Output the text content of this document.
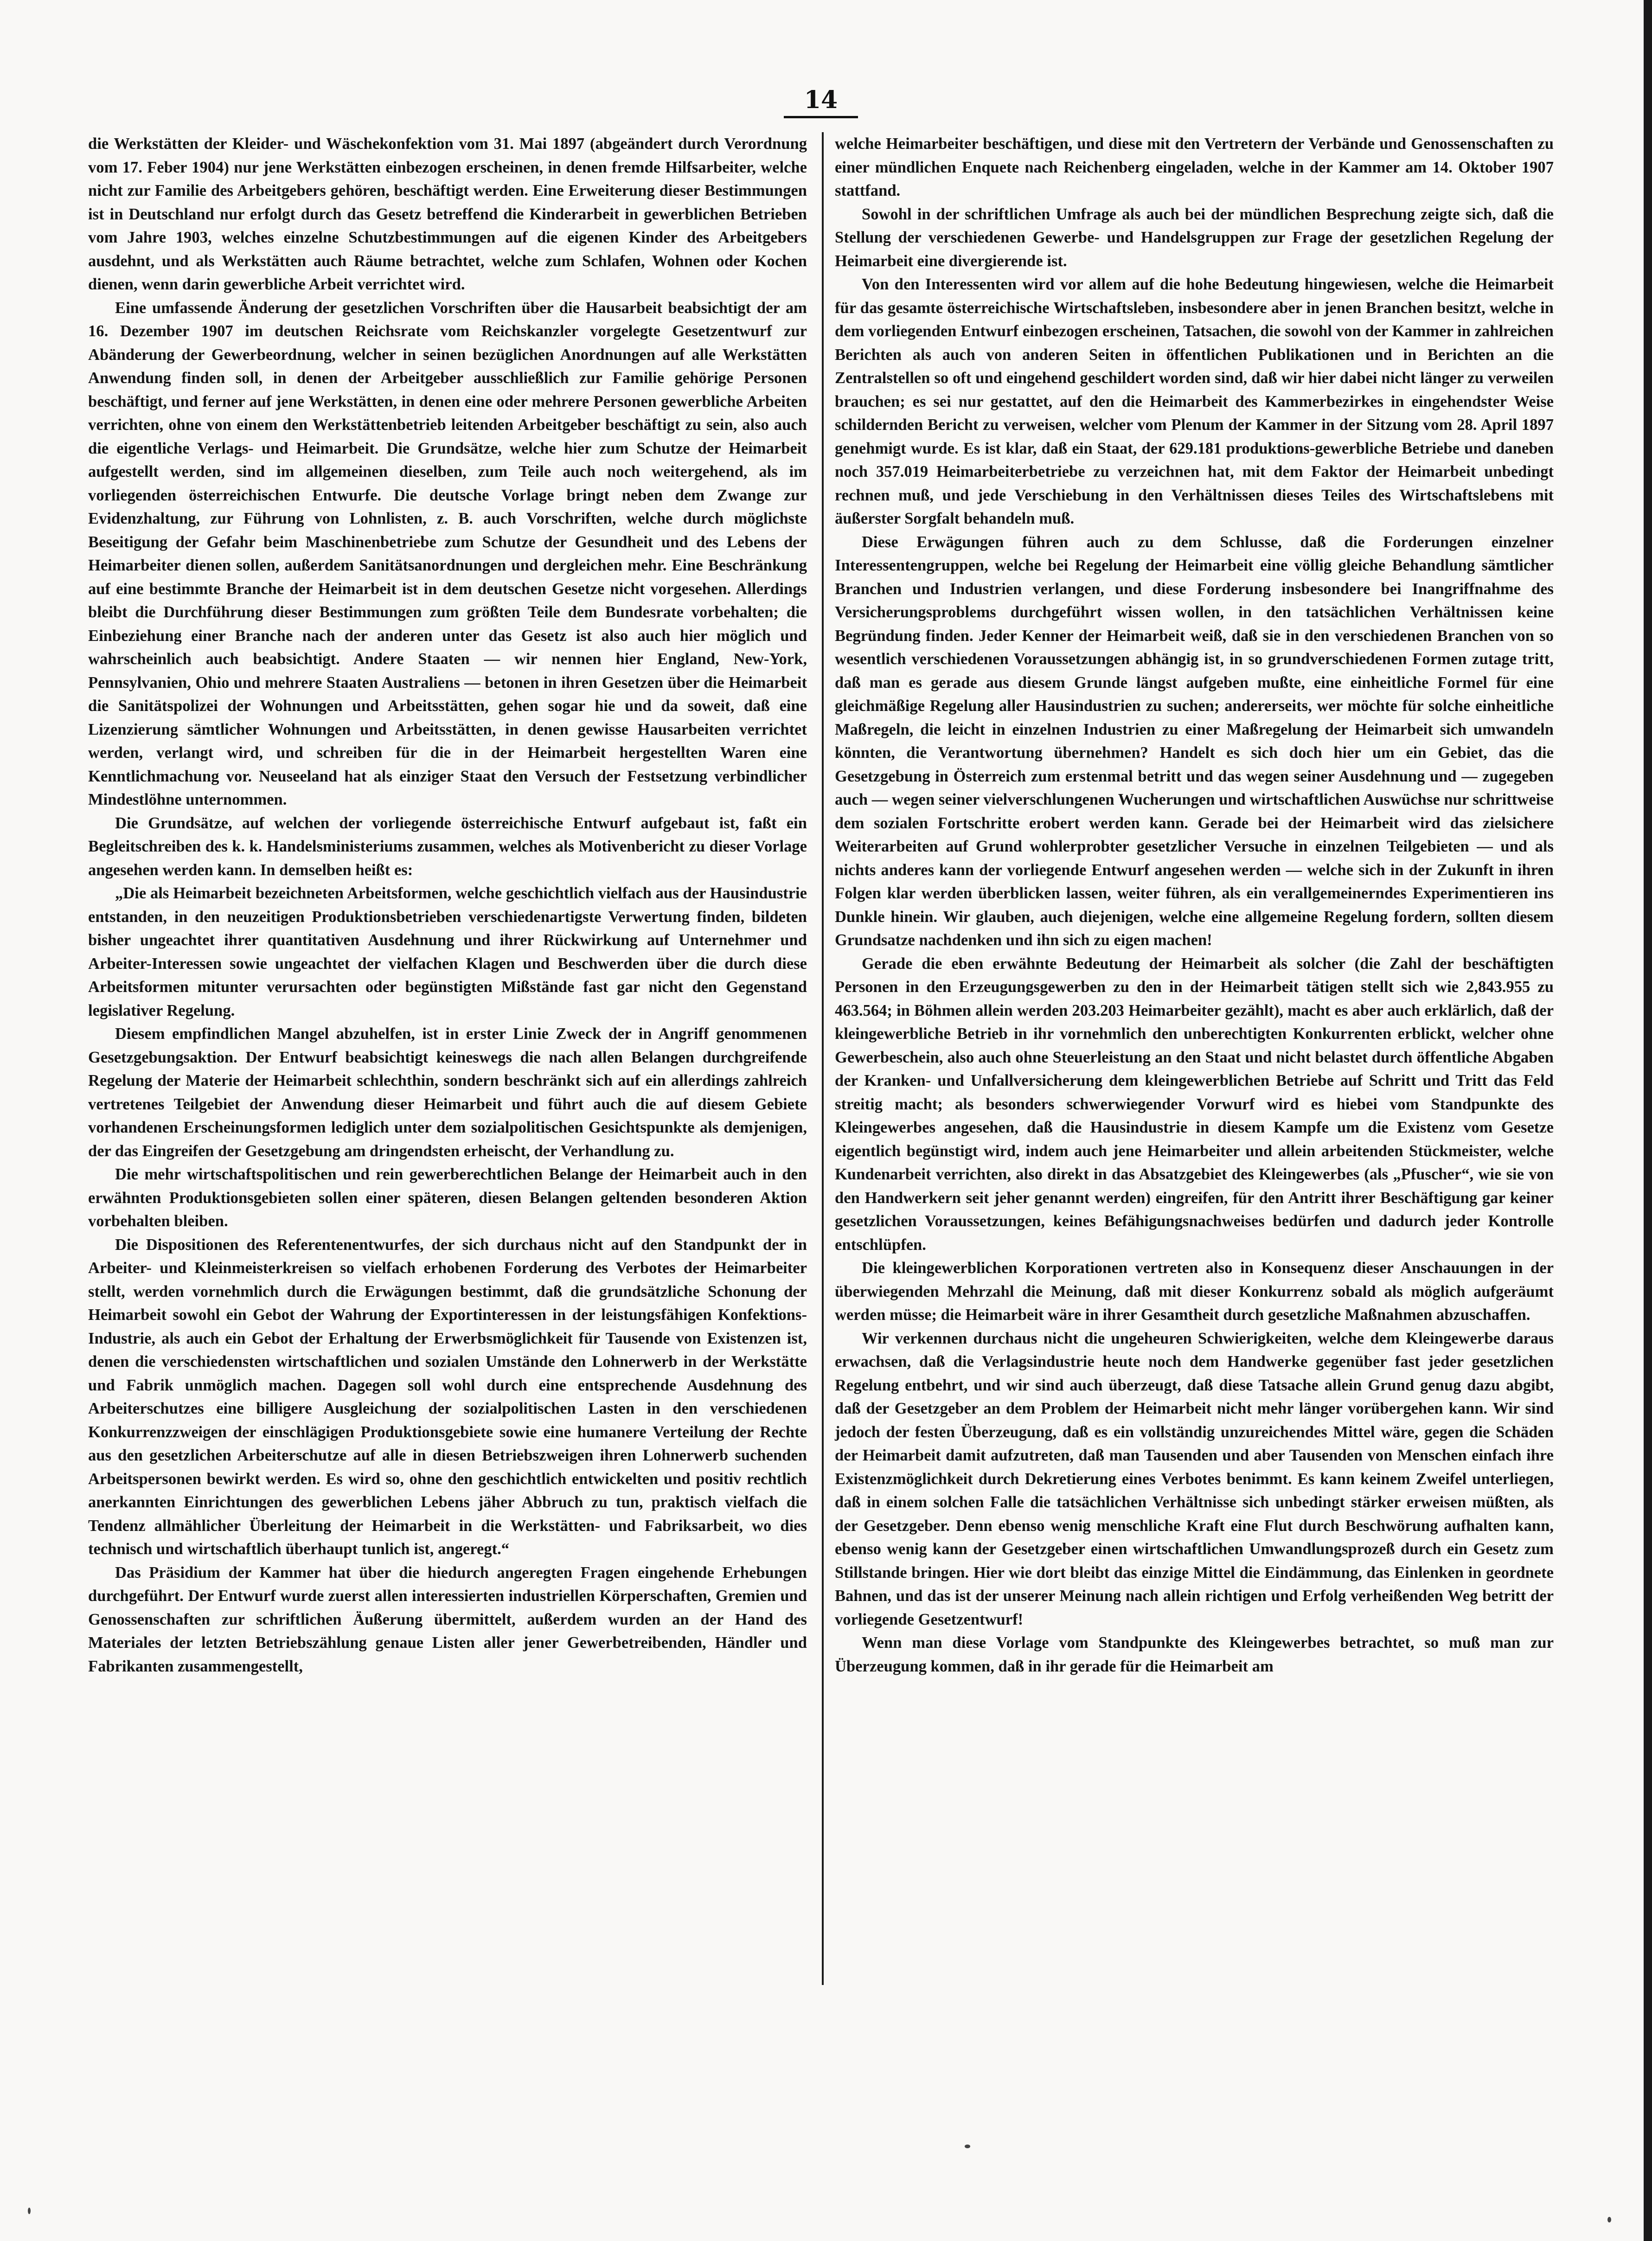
14

die Werkstätten der Kleider- und Wäschekonfektion vom 31. Mai 1897 (abgeändert durch Verordnung vom 17. Feber 1904) nur jene Werkstätten einbezogen erscheinen, in denen fremde Hilfsarbeiter, welche nicht zur Familie des Arbeitgebers gehören, beschäftigt werden. Eine Erweiterung dieser Bestimmungen ist in Deutschland nur erfolgt durch das Gesetz betreffend die Kinderarbeit in gewerblichen Betrieben vom Jahre 1903, welches einzelne Schutzbestimmungen auf die eigenen Kinder des Arbeitgebers ausdehnt, und als Werkstätten auch Räume betrachtet, welche zum Schlafen, Wohnen oder Kochen dienen, wenn darin gewerbliche Arbeit verrichtet wird.

Eine umfassende Änderung der gesetzlichen Vorschriften über die Hausarbeit beabsichtigt der am 16. Dezember 1907 im deutschen Reichsrate vom Reichskanzler vorgelegte Gesetzentwurf zur Abänderung der Gewerbeordnung, welcher in seinen bezüglichen Anordnungen auf alle Werkstätten Anwendung finden soll, in denen der Arbeitgeber ausschließlich zur Familie gehörige Personen beschäftigt, und ferner auf jene Werkstätten, in denen eine oder mehrere Personen gewerbliche Arbeiten verrichten, ohne von einem den Werkstättenbetrieb leitenden Arbeitgeber beschäftigt zu sein, also auch die eigentliche Verlags- und Heimarbeit. Die Grundsätze, welche hier zum Schutze der Heimarbeit aufgestellt werden, sind im allgemeinen dieselben, zum Teile auch noch weitergehend, als im vorliegenden österreichischen Entwurfe. Die deutsche Vorlage bringt neben dem Zwange zur Evidenzhaltung, zur Führung von Lohnlisten, z. B. auch Vorschriften, welche durch möglichste Beseitigung der Gefahr beim Maschinenbetriebe zum Schutze der Gesundheit und des Lebens der Heimarbeiter dienen sollen, außerdem Sanitätsanordnungen und dergleichen mehr. Eine Beschränkung auf eine bestimmte Branche der Heimarbeit ist in dem deutschen Gesetze nicht vorgesehen. Allerdings bleibt die Durchführung dieser Bestimmungen zum größten Teile dem Bundesrate vorbehalten; die Einbeziehung einer Branche nach der anderen unter das Gesetz ist also auch hier möglich und wahrscheinlich auch beabsichtigt. Andere Staaten — wir nennen hier England, New-York, Pennsylvanien, Ohio und mehrere Staaten Australiens — betonen in ihren Gesetzen über die Heimarbeit die Sanitätspolizei der Wohnungen und Arbeitsstätten, gehen sogar hie und da soweit, daß eine Lizenzierung sämtlicher Wohnungen und Arbeitsstätten, in denen gewisse Hausarbeiten verrichtet werden, verlangt wird, und schreiben für die in der Heimarbeit hergestellten Waren eine Kenntlichmachung vor. Neuseeland hat als einziger Staat den Versuch der Festsetzung verbindlicher Mindestlöhne unternommen.

Die Grundsätze, auf welchen der vorliegende österreichische Entwurf aufgebaut ist, faßt ein Begleitschreiben des k. k. Handelsministeriums zusammen, welches als Motivenbericht zu dieser Vorlage angesehen werden kann. In demselben heißt es:

„Die als Heimarbeit bezeichneten Arbeitsformen, welche geschichtlich vielfach aus der Hausindustrie entstanden, in den neuzeitigen Produktionsbetrieben verschiedenartigste Verwertung finden, bildeten bisher ungeachtet ihrer quantitativen Ausdehnung und ihrer Rückwirkung auf Unternehmer und Arbeiter-Interessen sowie ungeachtet der vielfachen Klagen und Beschwerden über die durch diese Arbeitsformen mitunter verursachten oder begünstigten Mißstände fast gar nicht den Gegenstand legislativer Regelung.

Diesem empfindlichen Mangel abzuhelfen, ist in erster Linie Zweck der in Angriff genommenen Gesetzgebungsaktion. Der Entwurf beabsichtigt keineswegs die nach allen Belangen durchgreifende Regelung der Materie der Heimarbeit schlechthin, sondern beschränkt sich auf ein allerdings zahlreich vertretenes Teilgebiet der Anwendung dieser Heimarbeit und führt auch die auf diesem Gebiete vorhandenen Erscheinungsformen lediglich unter dem sozialpolitischen Gesichtspunkte als demjenigen, der das Eingreifen der Gesetzgebung am dringendsten erheischt, der Verhandlung zu.

Die mehr wirtschaftspolitischen und rein gewerberechtlichen Belange der Heimarbeit auch in den erwähnten Produktionsgebieten sollen einer späteren, diesen Belangen geltenden besonderen Aktion vorbehalten bleiben.

Die Dispositionen des Referentenentwurfes, der sich durchaus nicht auf den Standpunkt der in Arbeiter- und Kleinmeisterkreisen so vielfach erhobenen Forderung des Verbotes der Heimarbeiter stellt, werden vornehmlich durch die Erwägungen bestimmt, daß die grundsätzliche Schonung der Heimarbeit sowohl ein Gebot der Wahrung der Exportinteressen in der leistungsfähigen Konfektions-Industrie, als auch ein Gebot der Erhaltung der Erwerbsmöglichkeit für Tausende von Existenzen ist, denen die verschiedensten wirtschaftlichen und sozialen Umstände den Lohnerwerb in der Werkstätte und Fabrik unmöglich machen. Dagegen soll wohl durch eine entsprechende Ausdehnung des Arbeiterschutzes eine billigere Ausgleichung der sozialpolitischen Lasten in den verschiedenen Konkurrenzzweigen der einschlägigen Produktionsgebiete sowie eine humanere Verteilung der Rechte aus den gesetzlichen Arbeiterschutze auf alle in diesen Betriebszweigen ihren Lohnerwerb suchenden Arbeitspersonen bewirkt werden. Es wird so, ohne den geschichtlich entwickelten und positiv rechtlich anerkannten Einrichtungen des gewerblichen Lebens jäher Abbruch zu tun, praktisch vielfach die Tendenz allmählicher Überleitung der Heimarbeit in die Werkstätten- und Fabriksarbeit, wo dies technisch und wirtschaftlich überhaupt tunlich ist, angeregt.“

Das Präsidium der Kammer hat über die hiedurch angeregten Fragen eingehende Erhebungen durchgeführt. Der Entwurf wurde zuerst allen interessierten industriellen Körperschaften, Gremien und Genossenschaften zur schriftlichen Äußerung übermittelt, außerdem wurden an der Hand des Materiales der letzten Betriebszählung genaue Listen aller jener Gewerbetreibenden, Händler und Fabrikanten zusammengestellt,

welche Heimarbeiter beschäftigen, und diese mit den Vertretern der Verbände und Genossenschaften zu einer mündlichen Enquete nach Reichenberg eingeladen, welche in der Kammer am 14. Oktober 1907 stattfand.

Sowohl in der schriftlichen Umfrage als auch bei der mündlichen Besprechung zeigte sich, daß die Stellung der verschiedenen Gewerbe- und Handelsgruppen zur Frage der gesetzlichen Regelung der Heimarbeit eine divergierende ist.

Von den Interessenten wird vor allem auf die hohe Bedeutung hingewiesen, welche die Heimarbeit für das gesamte österreichische Wirtschaftsleben, insbesondere aber in jenen Branchen besitzt, welche in dem vorliegenden Entwurf einbezogen erscheinen, Tatsachen, die sowohl von der Kammer in zahlreichen Berichten als auch von anderen Seiten in öffentlichen Publikationen und in Berichten an die Zentralstellen so oft und eingehend geschildert worden sind, daß wir hier dabei nicht länger zu verweilen brauchen; es sei nur gestattet, auf den die Heimarbeit des Kammerbezirkes in eingehendster Weise schildernden Bericht zu verweisen, welcher vom Plenum der Kammer in der Sitzung vom 28. April 1897 genehmigt wurde. Es ist klar, daß ein Staat, der 629.181 produktions-gewerbliche Betriebe und daneben noch 357.019 Heimarbeiterbetriebe zu verzeichnen hat, mit dem Faktor der Heimarbeit unbedingt rechnen muß, und jede Verschiebung in den Verhältnissen dieses Teiles des Wirtschaftslebens mit äußerster Sorgfalt behandeln muß.

Diese Erwägungen führen auch zu dem Schlusse, daß die Forderungen einzelner Interessentengruppen, welche bei Regelung der Heimarbeit eine völlig gleiche Behandlung sämtlicher Branchen und Industrien verlangen, und diese Forderung insbesondere bei Inangriffnahme des Versicherungsproblems durchgeführt wissen wollen, in den tatsächlichen Verhältnissen keine Begründung finden. Jeder Kenner der Heimarbeit weiß, daß sie in den verschiedenen Branchen von so wesentlich verschiedenen Voraussetzungen abhängig ist, in so grundverschiedenen Formen zutage tritt, daß man es gerade aus diesem Grunde längst aufgeben mußte, eine einheitliche Formel für eine gleichmäßige Regelung aller Hausindustrien zu suchen; andererseits, wer möchte für solche einheitliche Maßregeln, die leicht in einzelnen Industrien zu einer Maßregelung der Heimarbeit sich umwandeln könnten, die Verantwortung übernehmen? Handelt es sich doch hier um ein Gebiet, das die Gesetzgebung in Österreich zum erstenmal betritt und das wegen seiner Ausdehnung und — zugegeben auch — wegen seiner vielverschlungenen Wucherungen und wirtschaftlichen Auswüchse nur schrittweise dem sozialen Fortschritte erobert werden kann. Gerade bei der Heimarbeit wird das zielsichere Weiterarbeiten auf Grund wohlerprobter gesetzlicher Versuche in einzelnen Teilgebieten — und als nichts anderes kann der vorliegende Entwurf angesehen werden — welche sich in der Zukunft in ihren Folgen klar werden überblicken lassen, weiter führen, als ein verallgemeinerndes Experimentieren ins Dunkle hinein. Wir glauben, auch diejenigen, welche eine allgemeine Regelung fordern, sollten diesem Grundsatze nachdenken und ihn sich zu eigen machen!

Gerade die eben erwähnte Bedeutung der Heimarbeit als solcher (die Zahl der beschäftigten Personen in den Erzeugungsgewerben zu den in der Heimarbeit tätigen stellt sich wie 2,843.955 zu 463.564; in Böhmen allein werden 203.203 Heimarbeiter gezählt), macht es aber auch erklärlich, daß der kleingewerbliche Betrieb in ihr vornehmlich den unberechtigten Konkurrenten erblickt, welcher ohne Gewerbeschein, also auch ohne Steuerleistung an den Staat und nicht belastet durch öffentliche Abgaben der Kranken- und Unfallversicherung dem kleingewerblichen Betriebe auf Schritt und Tritt das Feld streitig macht; als besonders schwerwiegender Vorwurf wird es hiebei vom Standpunkte des Kleingewerbes angesehen, daß die Hausindustrie in diesem Kampfe um die Existenz vom Gesetze eigentlich begünstigt wird, indem auch jene Heimarbeiter und allein arbeitenden Stückmeister, welche Kundenarbeit verrichten, also direkt in das Absatzgebiet des Kleingewerbes (als „Pfuscher“, wie sie von den Handwerkern seit jeher genannt werden) eingreifen, für den Antritt ihrer Beschäftigung gar keiner gesetzlichen Voraussetzungen, keines Befähigungsnachweises bedürfen und dadurch jeder Kontrolle entschlüpfen.

Die kleingewerblichen Korporationen vertreten also in Konsequenz dieser Anschauungen in der überwiegenden Mehrzahl die Meinung, daß mit dieser Konkurrenz sobald als möglich aufgeräumt werden müsse; die Heimarbeit wäre in ihrer Gesamtheit durch gesetzliche Maßnahmen abzuschaffen.

Wir verkennen durchaus nicht die ungeheuren Schwierigkeiten, welche dem Kleingewerbe daraus erwachsen, daß die Verlagsindustrie heute noch dem Handwerke gegenüber fast jeder gesetzlichen Regelung entbehrt, und wir sind auch überzeugt, daß diese Tatsache allein Grund genug dazu abgibt, daß der Gesetzgeber an dem Problem der Heimarbeit nicht mehr länger vorübergehen kann. Wir sind jedoch der festen Überzeugung, daß es ein vollständig unzureichendes Mittel wäre, gegen die Schäden der Heimarbeit damit aufzutreten, daß man Tausenden und aber Tausenden von Menschen einfach ihre Existenzmöglichkeit durch Dekretierung eines Verbotes benimmt. Es kann keinem Zweifel unterliegen, daß in einem solchen Falle die tatsächlichen Verhältnisse sich unbedingt stärker erweisen müßten, als der Gesetzgeber. Denn ebenso wenig menschliche Kraft eine Flut durch Beschwörung aufhalten kann, ebenso wenig kann der Gesetzgeber einen wirtschaftlichen Umwandlungsprozeß durch ein Gesetz zum Stillstande bringen. Hier wie dort bleibt das einzige Mittel die Eindämmung, das Einlenken in geordnete Bahnen, und das ist der unserer Meinung nach allein richtigen und Erfolg verheißenden Weg betritt der vorliegende Gesetzentwurf!

Wenn man diese Vorlage vom Standpunkte des Kleingewerbes betrachtet, so muß man zur Überzeugung kommen, daß in ihr gerade für die Heimarbeit am
